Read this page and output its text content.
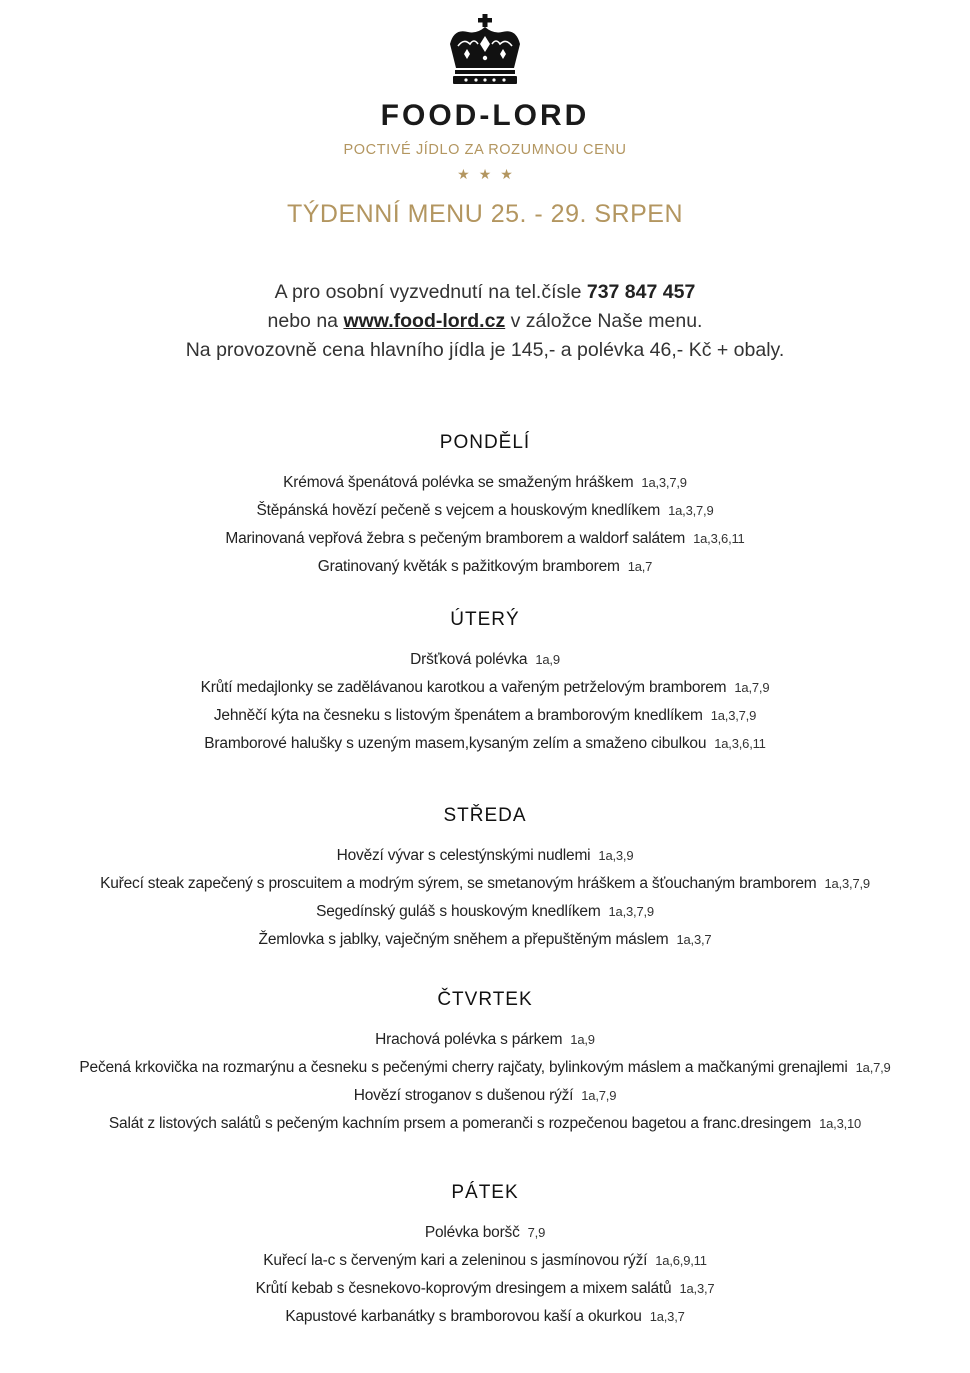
FOOD-LORD
POCTIVÉ JÍDLO ZA ROZUMNOU CENU
★★★
TÝDENNÍ MENU 25. - 29. SRPEN
A pro osobní vyzvednutí na tel.čísle 737 847 457
nebo na www.food-lord.cz v záložce Naše menu.
Na provozovně cena hlavního jídla je 145,- a polévka 46,- Kč + obaly.
PONDĚLÍ
Krémová špenátová polévka se smaženým hráškem 1a,3,7,9
Štěpánská hovězí pečeně s vejcem a houskovým knedlíkem 1a,3,7,9
Marinovaná vepřová žebra s pečeným bramborem a waldorf salátem 1a,3,6,11
Gratinovaný květák s pažitkovým bramborem 1a,7
ÚTERÝ
Dršťková polévka 1a,9
Krůtí medajlonky se zadělávanou karotkou a vařeným petrželovým bramborem 1a,7,9
Jehněčí kýta na česneku s listovým špenátem a bramborovým knedlíkem 1a,3,7,9
Bramborové halušky s uzeným masem,kysaným zelím a smaženo cibulkou 1a,3,6,11
STŘEDA
Hovězí vývar s celestýnskými nudlemi 1a,3,9
Kuřecí steak zapečený s proscuitem a modrým sýrem, se smetanovým hráškem a šťouchaným bramborem 1a,3,7,9
Segedínský guláš s houskovým knedlíkem 1a,3,7,9
Žemlovka s jablky, vaječným sněhem a přepuštěným máslem 1a,3,7
ČTVRTEK
Hrachová polévka s párkem 1a,9
Pečená krkovička na rozmarýnu a česneku s pečenými cherry rajčaty, bylinkovým máslem a mačkanými grenajlemi 1a,7,9
Hovězí stroganov s dušenou rýží 1a,7,9
Salát z listových salátů s pečeným kachním prsem a pomeranči s rozpečenou bagetou a franc.dresingem 1a,3,10
PÁTEK
Polévka boršč 7,9
Kuřecí la-c s červeným kari a zeleninou s jasmínovou rýží 1a,6,9,11
Krůtí kebab s česnekovo-koprovým dresingem a mixem salátů 1a,3,7
Kapustové karbanátky s bramborovou kaší a okurkou 1a,3,7
